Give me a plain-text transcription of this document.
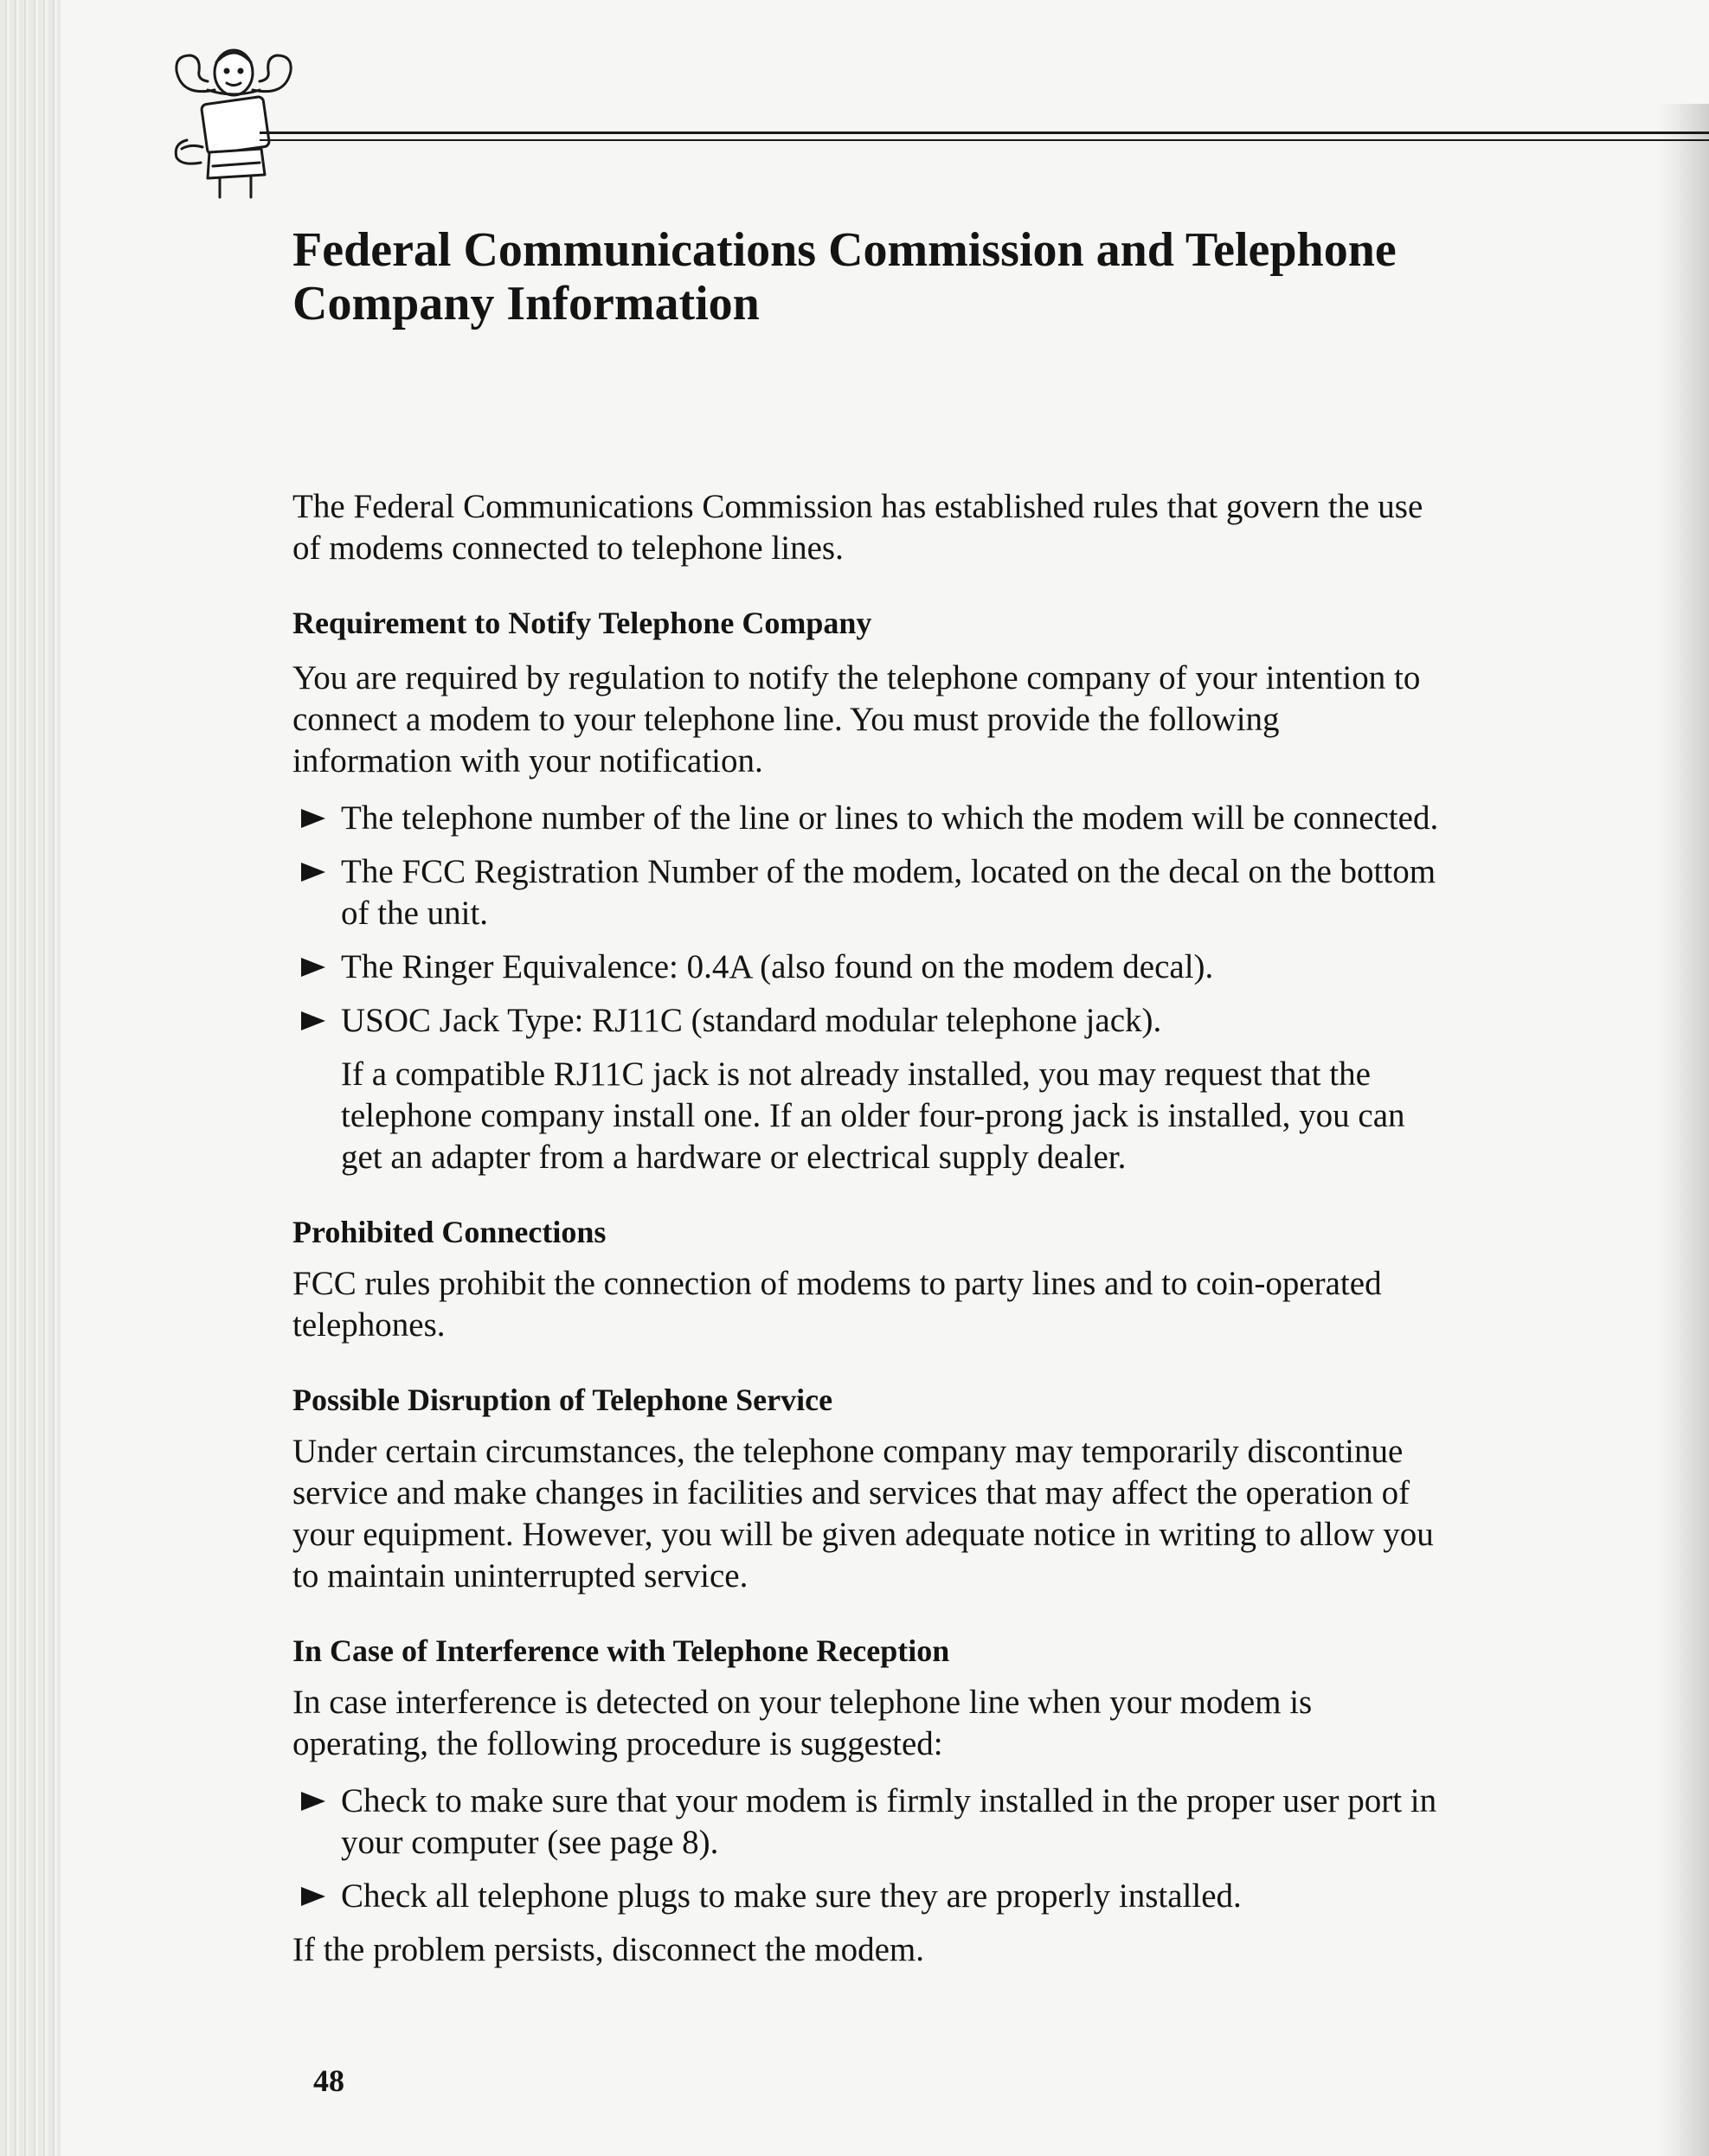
Federal Communications Commission and Telephone Company Information

The Federal Communications Commission has established rules that govern the use of modems connected to telephone lines.

Requirement to Notify Telephone Company

You are required by regulation to notify the telephone company of your intention to connect a modem to your telephone line. You must provide the following information with your notification.

The telephone number of the line or lines to which the modem will be connected.
The FCC Registration Number of the modem, located on the decal on the bottom of the unit.
The Ringer Equivalence: 0.4A (also found on the modem decal).
USOC Jack Type: RJ11C (standard modular telephone jack).

If a compatible RJ11C jack is not already installed, you may request that the telephone company install one. If an older four-prong jack is installed, you can get an adapter from a hardware or electrical supply dealer.

Prohibited Connections

FCC rules prohibit the connection of modems to party lines and to coin-operated telephones.

Possible Disruption of Telephone Service

Under certain circumstances, the telephone company may temporarily discontinue service and make changes in facilities and services that may affect the operation of your equipment. However, you will be given adequate notice in writing to allow you to maintain uninterrupted service.

In Case of Interference with Telephone Reception

In case interference is detected on your telephone line when your modem is operating, the following procedure is suggested:

Check to make sure that your modem is firmly installed in the proper user port in your computer (see page 8).
Check all telephone plugs to make sure they are properly installed.

If the problem persists, disconnect the modem.

48
